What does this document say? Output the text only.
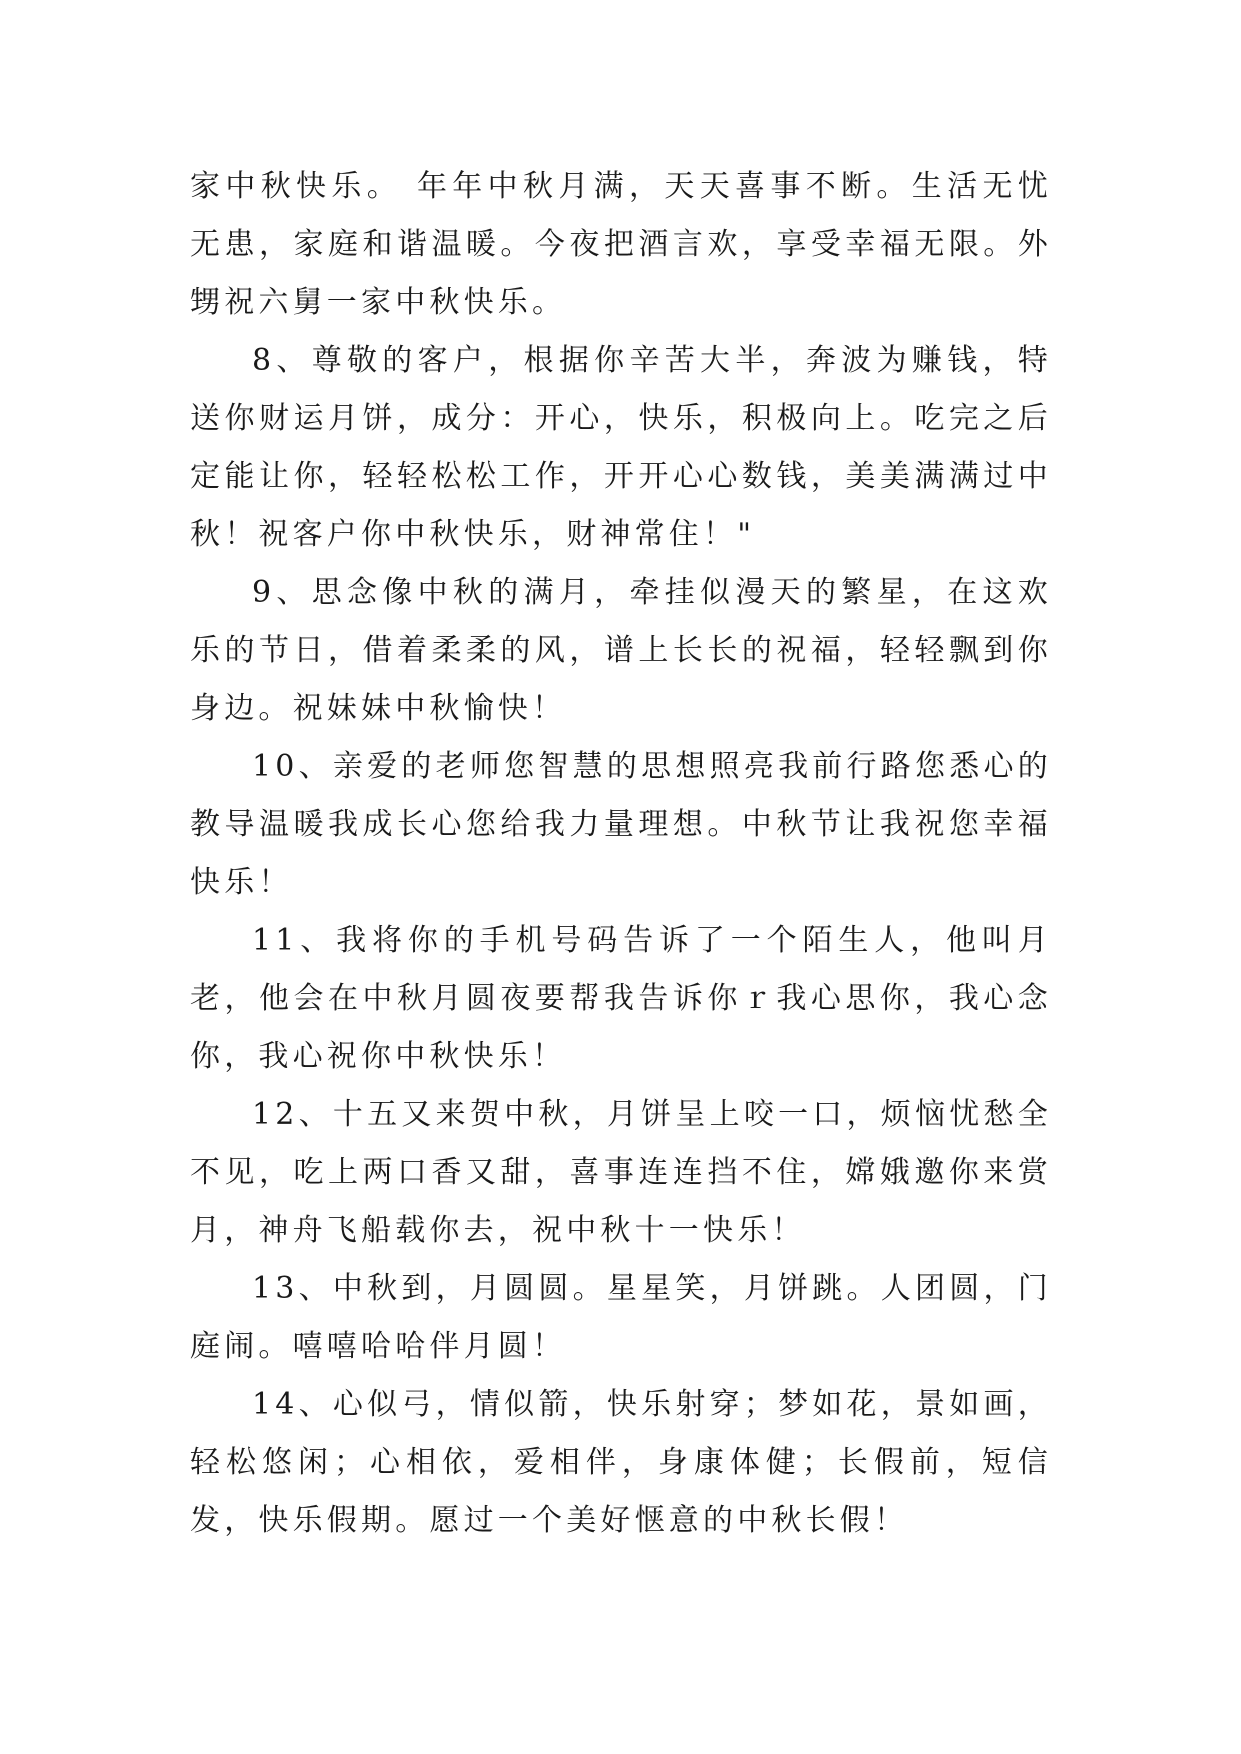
家中秋快乐。 年年中秋月满，天天喜事不断。生活无忧无患，家庭和谐温暖。今夜把酒言欢，享受幸福无限。外甥祝六舅一家中秋快乐。

8、尊敬的客户，根据你辛苦大半，奔波为赚钱，特送你财运月饼，成分：开心，快乐，积极向上。吃完之后定能让你，轻轻松松工作，开开心心数钱，美美满满过中秋！祝客户你中秋快乐，财神常住！"

9、思念像中秋的满月，牵挂似漫天的繁星，在这欢乐的节日，借着柔柔的风，谱上长长的祝福，轻轻飘到你身边。祝妹妹中秋愉快！

10、亲爱的老师您智慧的思想照亮我前行路您悉心的教导温暖我成长心您给我力量理想。中秋节让我祝您幸福快乐！

11、我将你的手机号码告诉了一个陌生人，他叫月老，他会在中秋月圆夜要帮我告诉你ｒ我心思你，我心念你，我心祝你中秋快乐！

12、十五又来贺中秋，月饼呈上咬一口，烦恼忧愁全不见，吃上两口香又甜，喜事连连挡不住，嫦娥邀你来赏月，神舟飞船载你去，祝中秋十一快乐！

13、中秋到，月圆圆。星星笑，月饼跳。人团圆，门庭闹。嘻嘻哈哈伴月圆！

14、心似弓，情似箭，快乐射穿；梦如花，景如画，轻松悠闲；心相依，爱相伴，身康体健；长假前，短信发，快乐假期。愿过一个美好惬意的中秋长假！
